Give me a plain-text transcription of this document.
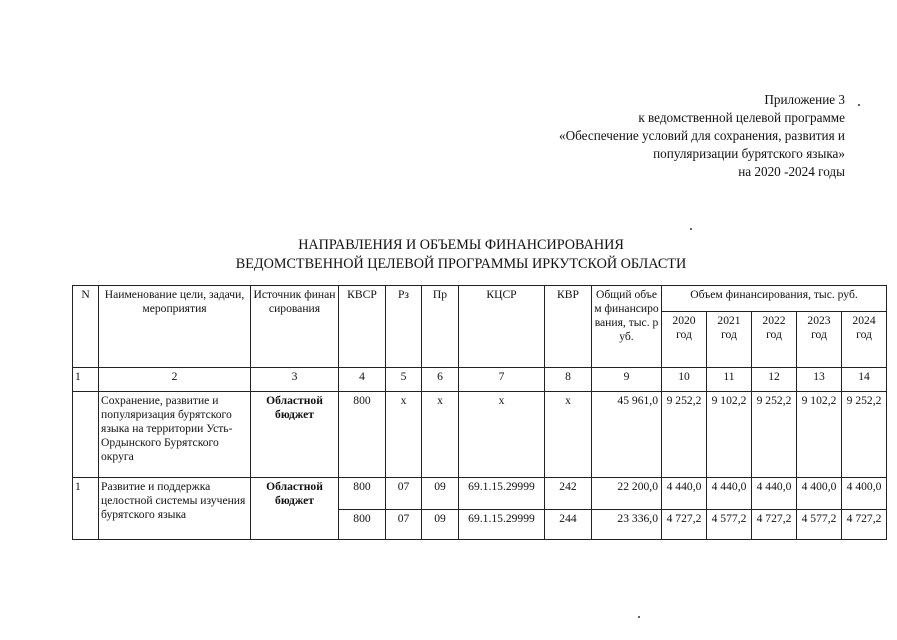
Приложение 3
к ведомственной целевой программе
«Обеспечение условий для сохранения, развития и
популяризации бурятского языка»
на 2020 -2024 годы
НАПРАВЛЕНИЯ И ОБЪЕМЫ ФИНАНСИРОВАНИЯ
ВЕДОМСТВЕННОЙ ЦЕЛЕВОЙ ПРОГРАММЫ ИРКУТСКОЙ ОБЛАСТИ
N	Наименование цели, задачи, мероприятия	Источник финансирования	КВСР	Рз	Пр	КЦСР	КВР	Общий объем финансирования, тыс. руб.	Объем финансирования, тыс. руб.				
									2020 год	2021 год	2022 год	2023 год	2024 год
1	2	3	4	5	6	7	8	9	10	11	12	13	14
	Сохранение, развитие и популяризация бурятского языка на территории Усть-Ордынского Бурятского округа	Областной бюджет	800	х	х	х	х	45 961,0	9 252,2	9 102,2	9 252,2	9 102,2	9 252,2
1	Развитие и поддержка целостной системы изучения бурятского языка	Областной бюджет	800	07	09	69.1.15.29999	242	22 200,0	4 440,0	4 440,0	4 440,0	4 400,0	4 400,0
			800	07	09	69.1.15.29999	244	23 336,0	4 727,2	4 577,2	4 727,2	4 577,2	4 727,2
